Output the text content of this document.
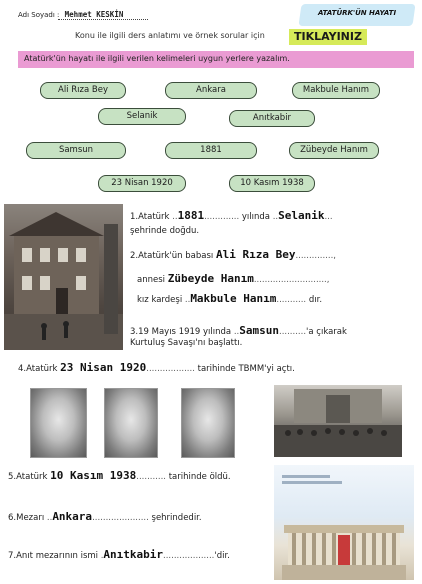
Adı Soyadı : Mehmet KESKİN	ATATÜRK'ÜN HAYATI
Konu ile ilgili ders anlatımı ve örnek sorular için	TIKLAYINIZ
Atatürk'ün hayatı ile ilgili verilen kelimeleri uygun yerlere yazalım.
Ali Rıza Bey	Ankara	Makbule Hanım
Selanik	Anıtkabir
Samsun	1881	Zübeyde Hanım
23 Nisan 1920	10 Kasım 1938
1.Atatürk ..1881............. yılında ..Selanik...
şehrinde doğdu.
2.Atatürk'ün babası Ali Rıza Bey..............,
annesi Zübeyde Hanım...........................,
kız kardeşi ..Makbule Hanım........... dır.
3.19 Mayıs 1919 yılında ..Samsun..........'a çıkarak
Kurtuluş Savaşı'nı başlattı.
4.Atatürk 23 Nisan 1920.................. tarihinde TBMM'yi açtı.
5.Atatürk 10 Kasım 1938........... tarihinde öldü.
6.Mezarı ..Ankara..................... şehrindedir.
7.Anıt mezarının ismi .Anıtkabir...................'dir.
